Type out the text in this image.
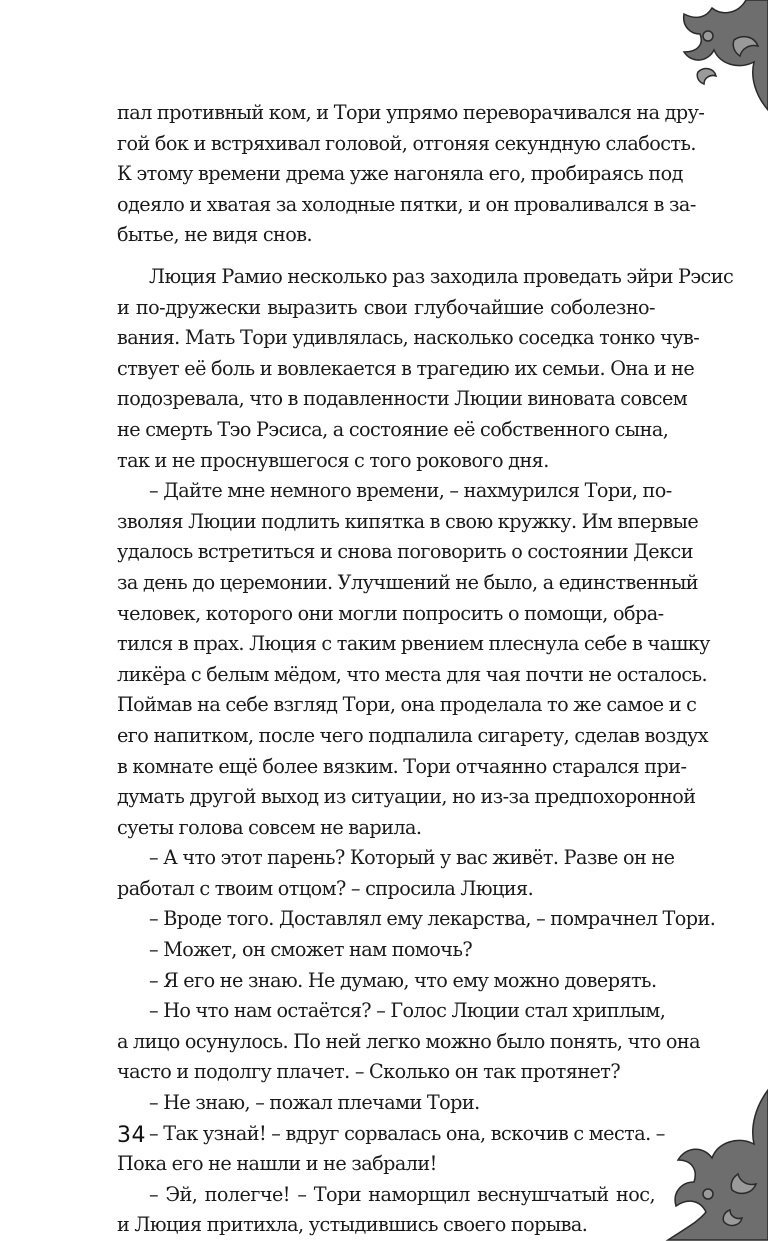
пал противный ком, и Тори упрямо переворачивался на дру-

гой бок и встряхивал головой, отгоняя секундную слабость.

К этому времени дрема уже нагоняла его, пробираясь под

одеяло и хватая за холодные пятки, и он проваливался в за-

бытье, не видя снов.

Люция Рамио несколько раз заходила проведать эйри Рэсис

и по-дружески выразить свои глубочайшие соболезно-

вания. Мать Тори удивлялась, насколько соседка тонко чув-

ствует её боль и вовлекается в трагедию их семьи. Она и не

подозревала, что в подавленности Люции виновата совсем

не смерть Тэо Рэсиса, а состояние её собственного сына,

так и не проснувшегося с того рокового дня.

– Дайте мне немного времени, – нахмурился Тори, по-

зволяя Люции подлить кипятка в свою кружку. Им впервые

удалось встретиться и снова поговорить о состоянии Декси

за день до церемонии. Улучшений не было, а единственный

человек, которого они могли попросить о помощи, обра-

тился в прах. Люция с таким рвением плеснула себе в чашку

ликёра с белым мёдом, что места для чая почти не осталось.

Поймав на себе взгляд Тори, она проделала то же самое и с

его напитком, после чего подпалила сигарету, сделав воздух

в комнате ещё более вязким. Тори отчаянно старался при-

думать другой выход из ситуации, но из-за предпохоронной

суеты голова совсем не варила.

– А что этот парень? Который у вас живёт. Разве он не

работал с твоим отцом? – спросила Люция.

– Вроде того. Доставлял ему лекарства, – помрачнел Тори.

– Может, он сможет нам помочь?

– Я его не знаю. Не думаю, что ему можно доверять.

– Но что нам остаётся? – Голос Люции стал хриплым,

а лицо осунулось. По ней легко можно было понять, что она

часто и подолгу плачет. – Сколько он так протянет?

– Не знаю, – пожал плечами Тори.

– Так узнай! – вдруг сорвалась она, вскочив с места. –

Пока его не нашли и не забрали!

– Эй, полегче! – Тори наморщил веснушчатый нос,

и Люция притихла, устыдившись своего порыва.

34
